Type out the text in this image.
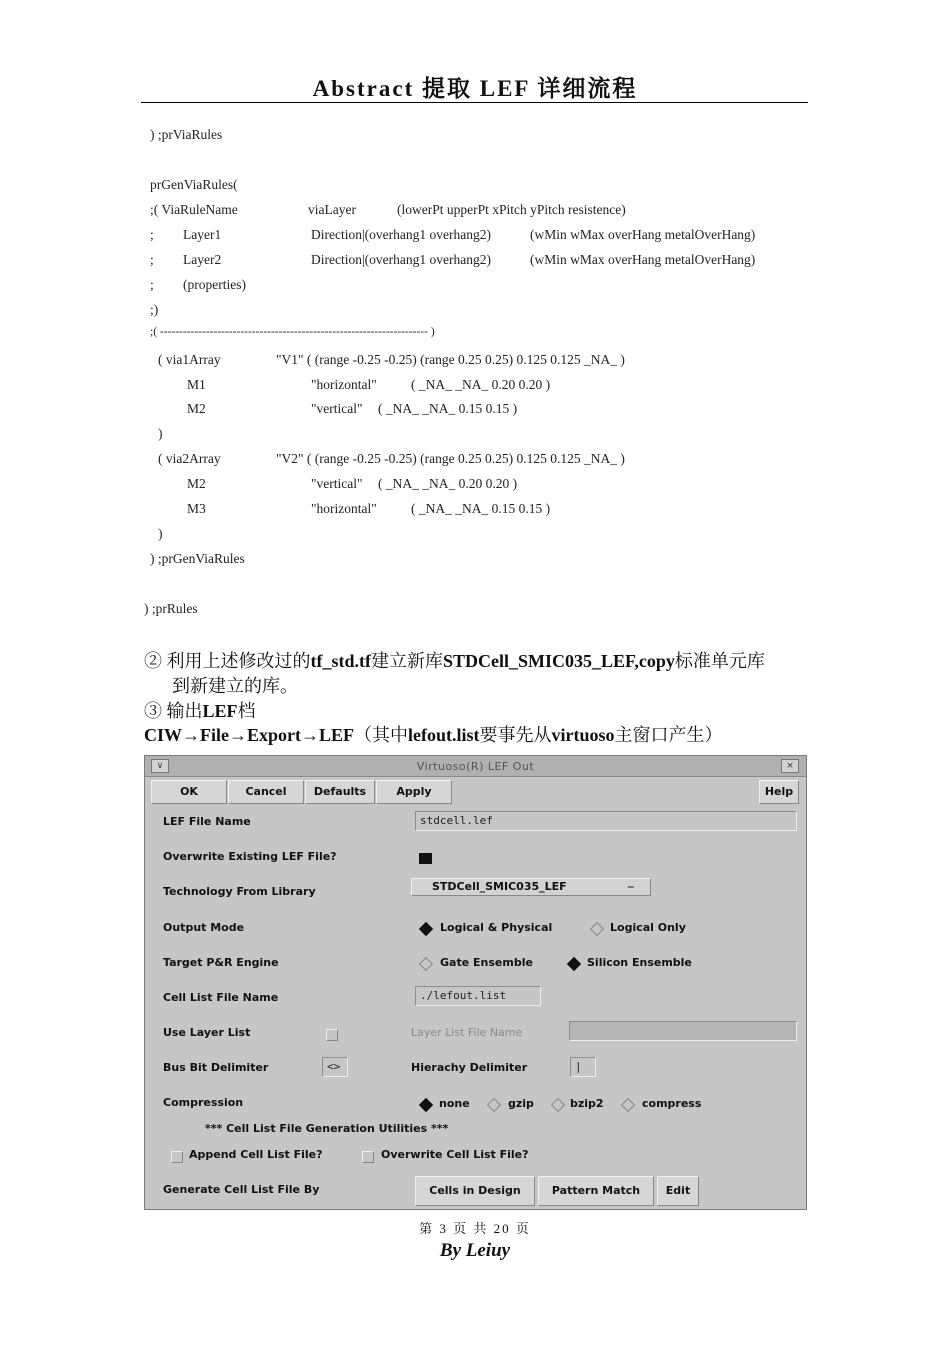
Abstract 提取 LEF 详细流程
) ;prViaRules
prGenViaRules(
;( ViaRuleName	viaLayer	(lowerPt upperPt xPitch yPitch resistence)
; Layer1	Direction|(overhang1 overhang2)	(wMin wMax overHang metalOverHang)
; Layer2	Direction|(overhang1 overhang2)	(wMin wMax overHang metalOverHang)
; (properties)
;)
;( ---------------------------------------------------------------------- )
( via1Array	"V1" ( (range -0.25 -0.25) (range 0.25 0.25) 0.125 0.125 _NA_ )
M1	"horizontal"	( _NA_ _NA_ 0.20 0.20 )
M2	"vertical" ( _NA_ _NA_ 0.15 0.15 )
)
( via2Array	"V2" ( (range -0.25 -0.25) (range 0.25 0.25) 0.125 0.125 _NA_ )
M2	"vertical" ( _NA_ _NA_ 0.20 0.20 )
M3	"horizontal"	( _NA_ _NA_ 0.15 0.15 )
)
) ;prGenViaRules
) ;prRules
② 利用上述修改过的tf_std.tf建立新库STDCell_SMIC035_LEF,copy标准单元库
到新建立的库。
③ 输出LEF档
CIW→File→Export→LEF（其中lefout.list要事先从virtuoso主窗口产生）
∨	Virtuoso(R) LEF Out	×
OK	Cancel	Defaults	Apply	Help
LEF File Name	stdcell.lef
Overwrite Existing LEF File?
Technology From Library	STDCell_SMIC035_LEF	⎯
Output Mode	Logical & Physical	Logical Only
Target P&R Engine	Gate Ensemble	Silicon Ensemble
Cell List File Name	./lefout.list
Use Layer List	Layer List File Name
Bus Bit Delimiter	<>	Hierachy Delimiter	|
Compression	none	gzip	bzip2	compress
*** Cell List File Generation Utilities ***
Append Cell List File?	Overwrite Cell List File?
Generate Cell List File By	Cells in Design	Pattern Match	Edit
第 3 页 共 20 页
By Leiuy
